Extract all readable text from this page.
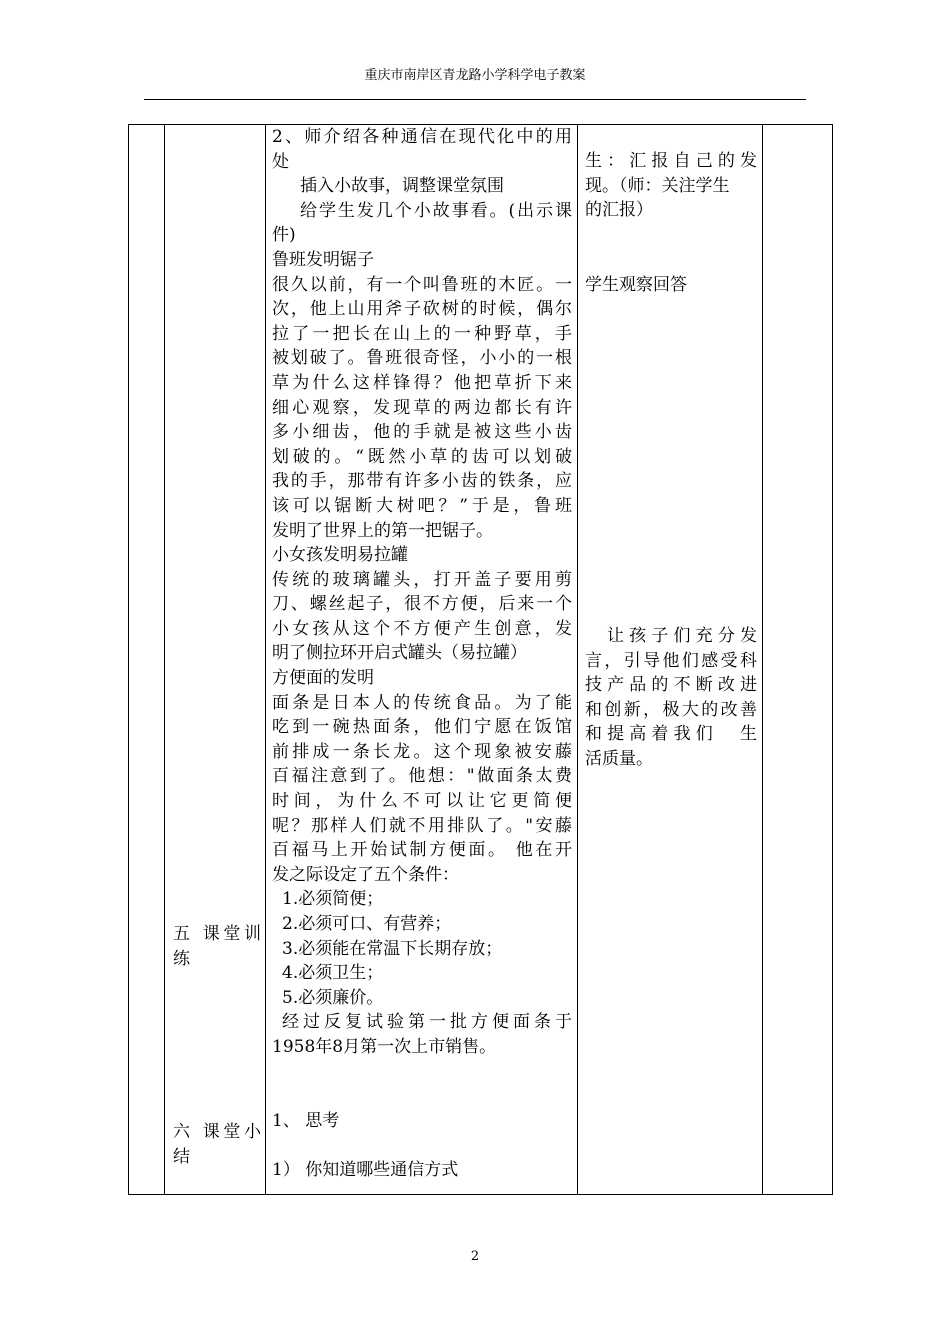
重庆市南岸区青龙路小学科学电子教案
五 课堂训
练
六 课堂小
结
2、师介绍各种通信在现代化中的用
处
插入小故事，调整课堂氛围
给学生发几个小故事看。(出示课
件)
鲁班发明锯子
很久以前，有一个叫鲁班的木匠。一
次，他上山用斧子砍树的时候，偶尔
拉了一把长在山上的一种野草，手
被划破了。鲁班很奇怪，小小的一根
草为什么这样锋得？他把草折下来
细心观察，发现草的两边都长有许
多小细齿，他的手就是被这些小齿
划破的。“既然小草的齿可以划破
我的手，那带有许多小齿的铁条，应
该可以锯断大树吧？”于是，鲁班
发明了世界上的第一把锯子。
小女孩发明易拉罐
传统的玻璃罐头，打开盖子要用剪
刀、螺丝起子，很不方便，后来一个
小女孩从这个不方便产生创意，发
明了侧拉环开启式罐头（易拉罐）
方便面的发明
面条是日本人的传统食品。为了能
吃到一碗热面条，他们宁愿在饭馆
前排成一条长龙。这个现象被安藤
百福注意到了。他想："做面条太费
时间，为什么不可以让它更简便
呢？那样人们就不用排队了。"安藤
百福马上开始试制方便面。 他在开
发之际设定了五个条件：
1.必须简便；
2.必须可口、有营养；
3.必须能在常温下长期存放；
4.必须卫生；
5.必须廉价。
经过反复试验第一批方便面条于
1958年8月第一次上市销售。
1、 思考
1） 你知道哪些通信方式
生：汇报自己的发
现。（师：关注学生
的汇报）
学生观察回答
让孩子们充分发
言，引导他们感受科
技产品的不断改进
和创新，极大的改善
和提高着我们　生
活质量。
2
